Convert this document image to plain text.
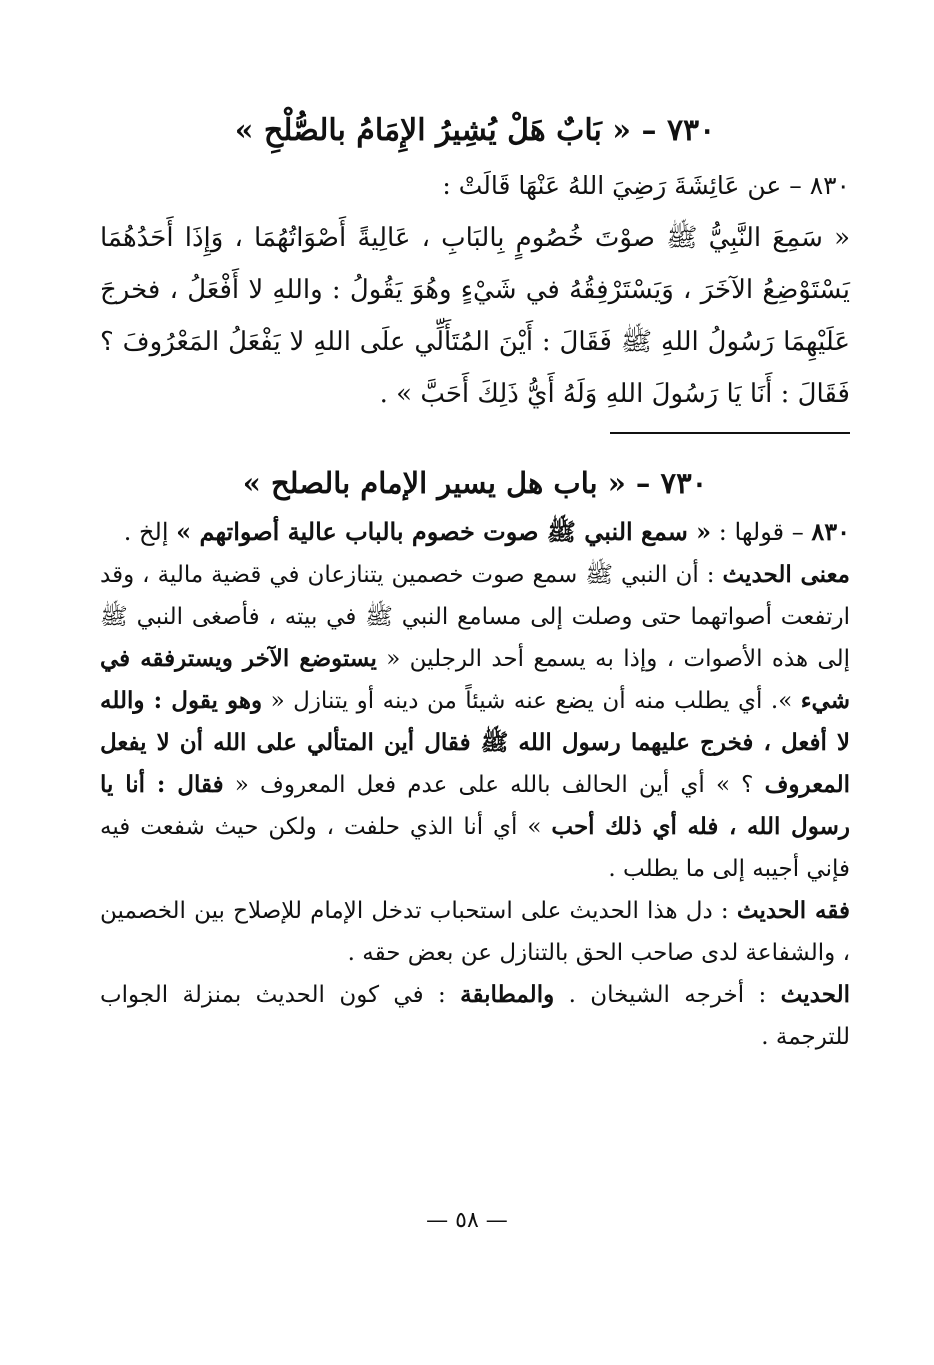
٧٣٠ – « بَابٌ هَلْ يُشِيرُ الإِمَامُ بالصُّلْحِ »

٨٣٠ – عن عَائِشَةَ رَضِيَ اللهُ عَنْهَا قَالَتْ :

« سَمِعَ النَّبِيُّ ﷺ صوْتَ خُصُومٍ بِالبَابِ ، عَالِيةً أَصْوَاتُهُمَا ، وَإِذَا أَحَدُهُمَا يَسْتَوْضِعُ الآخَرَ ، وَيَسْتَرْفِقُهُ في شَيْءٍ وهُوَ يَقُولُ : واللهِ لا أَفْعَلُ ، فخرجَ عَلَيْهِمَا رَسُولُ اللهِ ﷺ فَقَالَ : أَيْنَ المُتَأَلِّي علَى اللهِ لا يَفْعَلُ المَعْرُوفَ ؟ فَقَالَ : أَنَا يَا رَسُولَ اللهِ وَلَهُ أَيُّ ذَلِكَ أَحَبَّ » .

٧٣٠ – « باب هل يسير الإمام بالصلح »

٨٣٠ – قولها : « سمع النبي ﷺ صوت خصوم بالباب عالية أصواتهم » إلخ .

معنى الحديث : أن النبي ﷺ سمع صوت خصمين يتنازعان في قضية مالية ، وقد ارتفعت أصواتهما حتى وصلت إلى مسامع النبي ﷺ في بيته ، فأصغى النبي ﷺ إلى هذه الأصوات ، وإذا به يسمع أحد الرجلين « يستوضع الآخر ويسترفقه في شيء ». أي يطلب منه أن يضع عنه شيئاً من دينه أو يتنازل « وهو يقول : والله لا أفعل ، فخرج عليهما رسول الله ﷺ فقال أين المتألي على الله أن لا يفعل المعروف ؟ » أي أين الحالف بالله على عدم فعل المعروف « فقال : أنا يا رسول الله ، فله أي ذلك أحب » أي أنا الذي حلفت ، ولكن حيث شفعت فيه فإني أجيبه إلى ما يطلب .

فقه الحديث : دل هذا الحديث على استحباب تدخل الإمام للإصلاح بين الخصمين ، والشفاعة لدى صاحب الحق بالتنازل عن بعض حقه .

الحديث : أخرجه الشيخان . والمطابقة : في كون الحديث بمنزلة الجواب للترجمة .

— ٥٨ —
